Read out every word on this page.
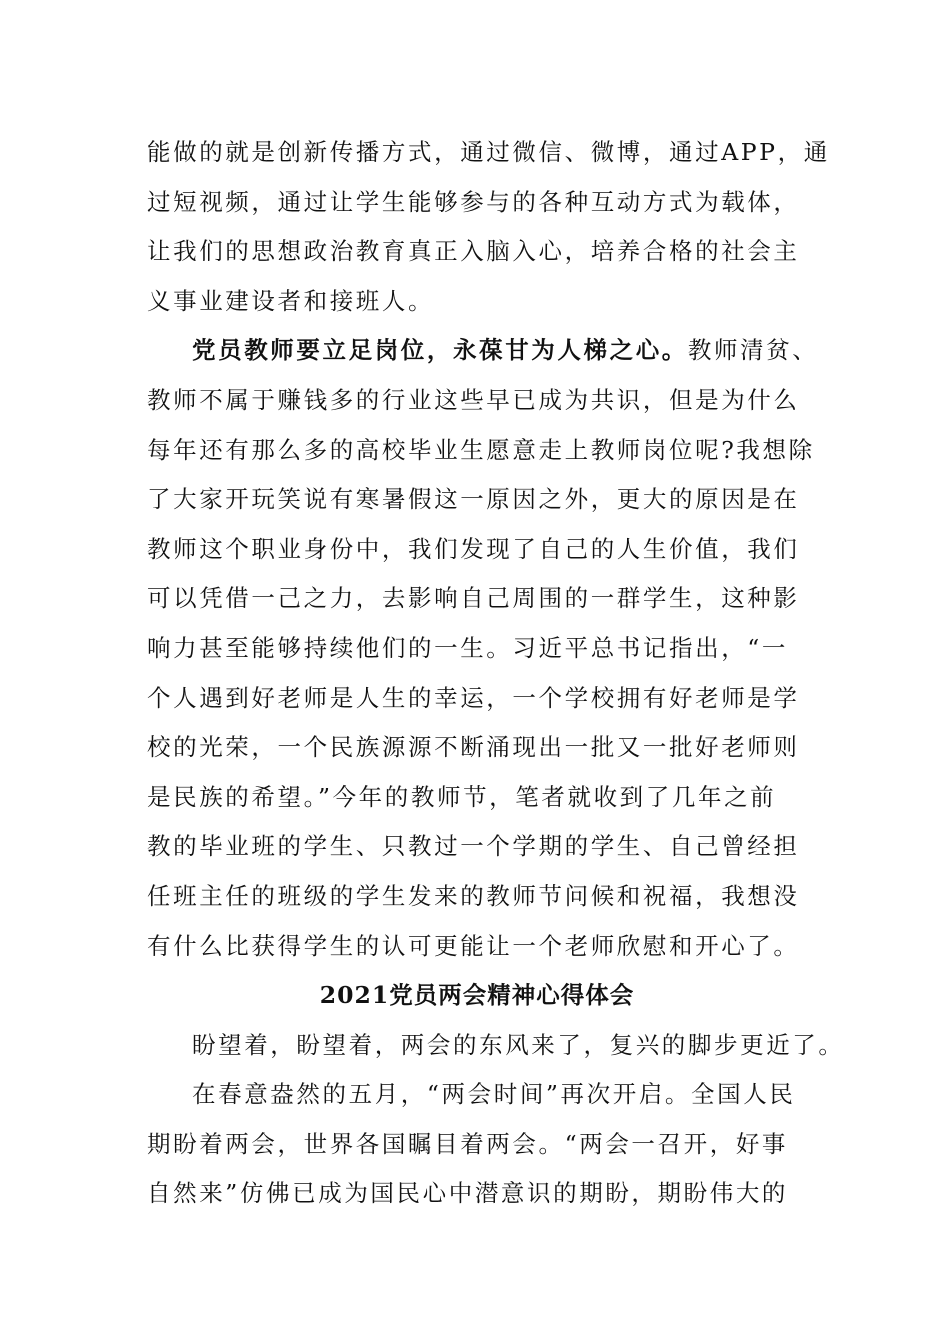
能做的就是创新传播方式，通过微信、微博，通过APP，通
过短视频，通过让学生能够参与的各种互动方式为载体，
让我们的思想政治教育真正入脑入心，培养合格的社会主
义事业建设者和接班人。
党员教师要立足岗位，永葆甘为人梯之心。教师清贫、
教师不属于赚钱多的行业这些早已成为共识，但是为什么
每年还有那么多的高校毕业生愿意走上教师岗位呢?我想除
了大家开玩笑说有寒暑假这一原因之外，更大的原因是在
教师这个职业身份中，我们发现了自己的人生价值，我们
可以凭借一己之力，去影响自己周围的一群学生，这种影
响力甚至能够持续他们的一生。习近平总书记指出，“一
个人遇到好老师是人生的幸运，一个学校拥有好老师是学
校的光荣，一个民族源源不断涌现出一批又一批好老师则
是民族的希望。”今年的教师节，笔者就收到了几年之前
教的毕业班的学生、只教过一个学期的学生、自己曾经担
任班主任的班级的学生发来的教师节问候和祝福，我想没
有什么比获得学生的认可更能让一个老师欣慰和开心了。
2021党员两会精神心得体会
盼望着，盼望着，两会的东风来了，复兴的脚步更近了。
在春意盎然的五月，“两会时间”再次开启。全国人民
期盼着两会，世界各国瞩目着两会。“两会一召开，好事
自然来”仿佛已成为国民心中潜意识的期盼，期盼伟大的
